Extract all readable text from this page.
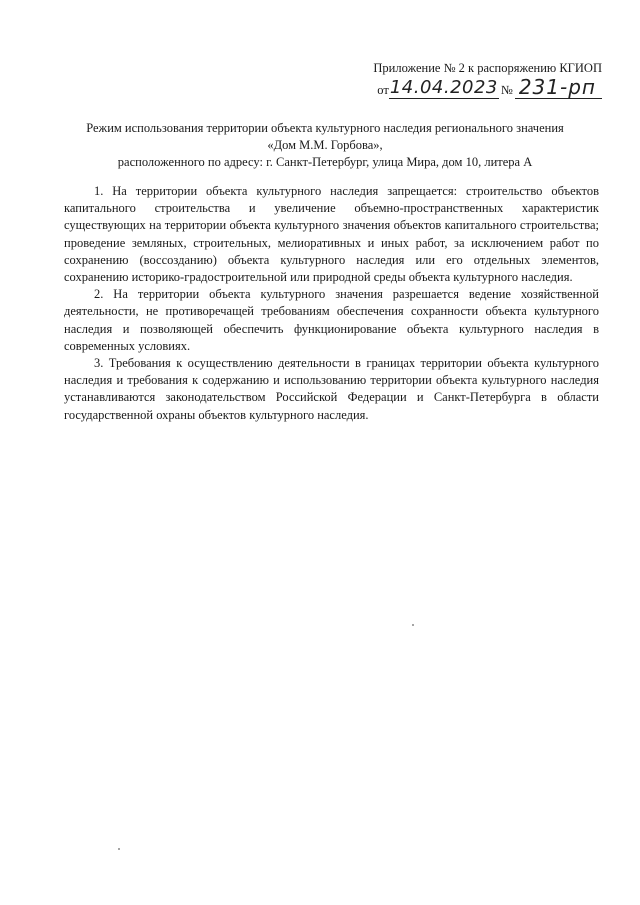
Приложение № 2 к распоряжению КГИОП
от 14.04.2023 № 231-рп
Режим использования территории объекта культурного наследия регионального значения
«Дом М.М. Горбова»,
расположенного по адресу: г. Санкт-Петербург, улица Мира, дом 10, литера А

1. На территории объекта культурного наследия запрещается: строительство объектов капитального строительства и увеличение объемно-пространственных характеристик существующих на территории объекта культурного значения объектов капитального строительства; проведение земляных, строительных, мелиоративных и иных работ, за исключением работ по сохранению (воссозданию) объекта культурного наследия или его отдельных элементов, сохранению историко-градостроительной или природной среды объекта культурного наследия.

2. На территории объекта культурного значения разрешается ведение хозяйственной деятельности, не противоречащей требованиям обеспечения сохранности объекта культурного наследия и позволяющей обеспечить функционирование объекта культурного наследия в современных условиях.

3. Требования к осуществлению деятельности в границах территории объекта культурного наследия и требования к содержанию и использованию территории объекта культурного наследия устанавливаются законодательством Российской Федерации и Санкт-Петербурга в области государственной охраны объектов культурного наследия.
